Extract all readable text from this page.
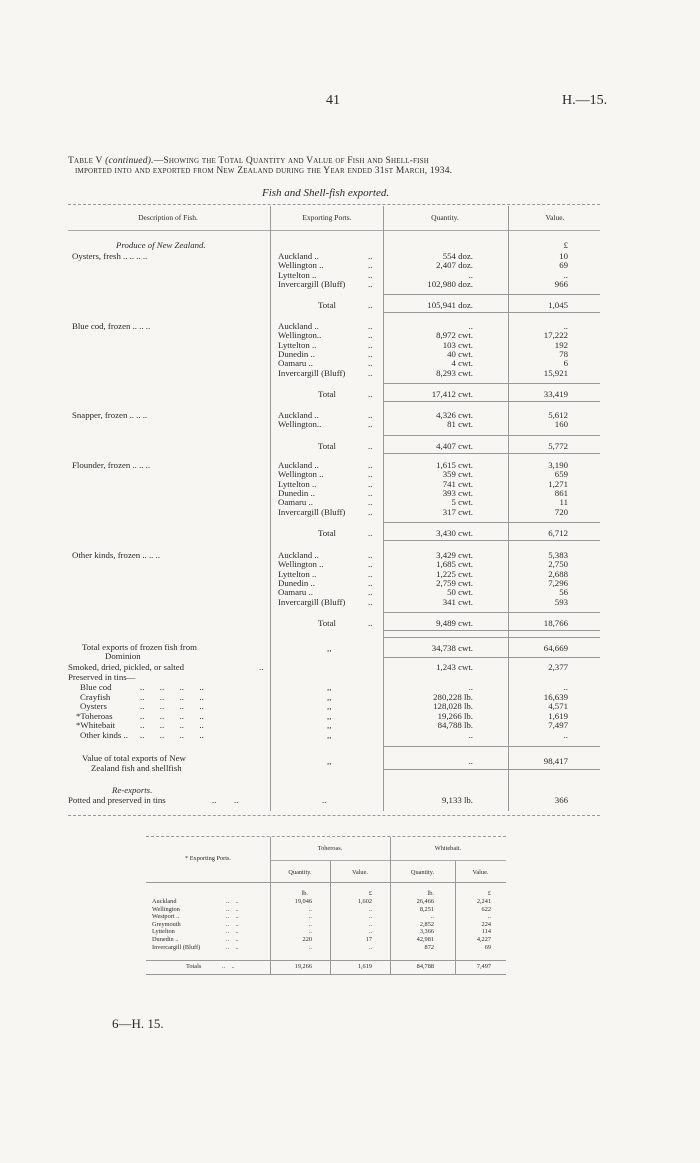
41	H.—15.
Table V (continued).—Showing the Total Quantity and Value of Fish and Shell-fish
imported into and exported from New Zealand during the Year ended 31st March, 1934.
Fish and Shell-fish exported.
Description of Fish.	Exporting Ports.	Quantity.	Value.
Produce of New Zealand.	£
Oysters, fresh .. .. .. ..	Auckland ..	..	554 doz.	10
Wellington ..	..	2,407 doz.	69
Lyttelton ..	..	..	..
Invercargill (Bluff)	..	102,980 doz.	966
Total	..	105,941 doz.	1,045
Blue cod, frozen .. .. ..	Auckland ..	..	..	..
Wellington..	..	8,972 cwt.	17,222
Lyttelton ..	..	103 cwt.	192
Dunedin ..	..	40 cwt.	78
Oamaru ..	..	4 cwt.	6
Invercargill (Bluff)	..	8,293 cwt.	15,921
Total	..	17,412 cwt.	33,419
Snapper, frozen .. .. ..	Auckland ..	..	4,326 cwt.	5,612
Wellington..	..	81 cwt.	160
Total	..	4,407 cwt.	5,772
Flounder, frozen .. .. ..	Auckland ..	..	1,615 cwt.	3,190
Wellington ..	..	359 cwt.	659
Lyttelton ..	..	741 cwt.	1,271
Dunedin ..	..	393 cwt.	861
Oamaru ..	..	5 cwt.	11
Invercargill (Bluff)	..	317 cwt.	720
Total	..	3,430 cwt.	6,712
Other kinds, frozen .. .. ..	Auckland ..	..	3,429 cwt.	5,383
Wellington ..	..	1,685 cwt.	2,750
Lyttelton ..	..	1,225 cwt.	2,688
Dunedin ..	..	2,759 cwt.	7,296
Oamaru ..	..	50 cwt.	56
Invercargill (Bluff)	..	341 cwt.	593
Total	..	9,489 cwt.	18,766
Total exports of frozen fish from
Dominion
,,	34,738 cwt.	64,669
Smoked, dried, pickled, or salted	..	1,243 cwt.	2,377
Preserved in tins—
Blue cod	..       ..       ..       ..	,,	..	..
Crayfish	..       ..       ..       ..	,,	280,228 lb.	16,639
Oysters	..       ..       ..       ..	,,	128,028 lb.	4,571
*Toheroas	..       ..       ..       ..	,,	19,266 lb.	1,619
*Whitebait	..       ..       ..       ..	,,	84,788 lb.	7,497
Other kinds .. ..       ..       ..       ..	,,	..	..
Value of total exports of New
Zealand fish and shellfish
,,	..	98,417
Re-exports.
Potted and preserved in tins	..        ..	..	9,133 lb.	366
* Exporting Ports.
Toheroas.	Whitebait.
Quantity.	Value.	Quantity.	Value.
lb.	£	lb.	£
Auckland	..    ..	19,046	1,602	26,466	2,241
Wellington	..    ..	..	..	8,251	622
Westport ..	..    ..	..	..	..	..
Greymouth	..    ..	..	..	2,852	224
Lyttelton	..    ..	..	..	3,366	114
Dunedin ..	..    ..	220	17	42,981	4,227
Invercargill (Bluff)	..    ..	..	..	872	69
Totals	..    ..	19,266	1,619	84,788	7,497
6—H. 15.
